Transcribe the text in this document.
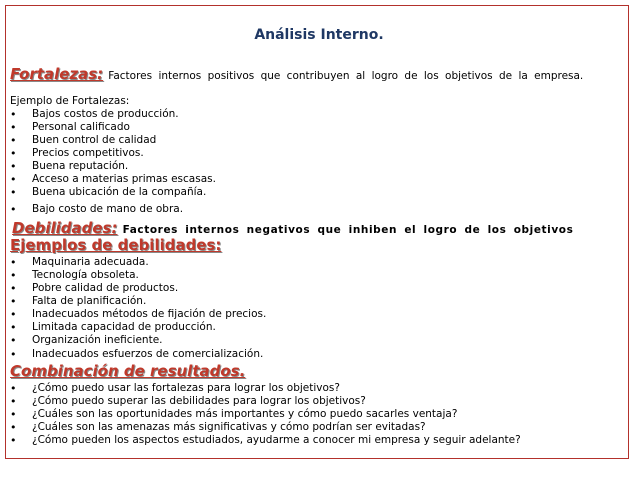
Análisis Interno.
Fortalezas: Factores internos positivos que contribuyen al logro de los objetivos de la empresa.
Ejemplo de Fortalezas:
• Bajos costos de producción.
• Personal calificado
• Buen control de calidad
• Precios competitivos.
• Buena reputación.
• Acceso a materias primas escasas.
• Buena ubicación de la compañía.
• Bajo costo de mano de obra.
Debilidades: Factores internos negativos que inhiben el logro de los objetivos
Ejemplos de debilidades:
• Maquinaria adecuada.
• Tecnología obsoleta.
• Pobre calidad de productos.
• Falta de planificación.
• Inadecuados métodos de fijación de precios.
• Limitada capacidad de producción.
• Organización ineficiente.
• Inadecuados esfuerzos de comercialización.
Combinación de resultados.
• ¿Cómo puedo usar las fortalezas para lograr los objetivos?
• ¿Cómo puedo superar las debilidades para lograr los objetivos?
• ¿Cuáles son las oportunidades más importantes y cómo puedo sacarles ventaja?
• ¿Cuáles son las amenazas más significativas y cómo podrían ser evitadas?
• ¿Cómo pueden los aspectos estudiados, ayudarme a conocer mi empresa y seguir adelante?
